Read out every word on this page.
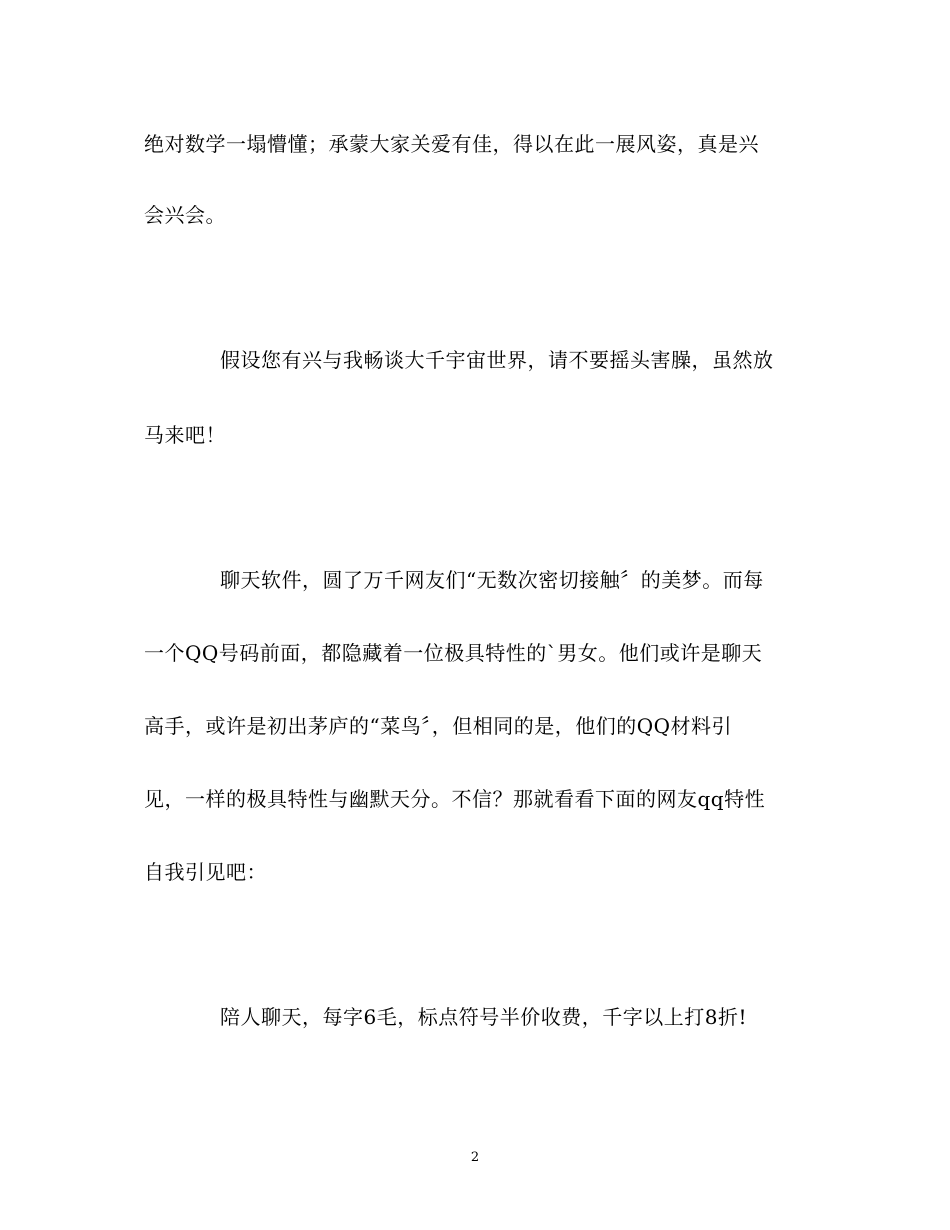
绝对数学一塌懵懂；承蒙大家关爱有佳，得以在此一展风姿，真是兴
会兴会。
假设您有兴与我畅谈大千宇宙世界，请不要摇头害臊，虽然放
马来吧！
聊天软件，圆了万千网友们“无数次密切接触〞的美梦。而每
一个QQ号码前面，都隐藏着一位极具特性的`男女。他们或许是聊天
高手，或许是初出茅庐的“菜鸟〞，但相同的是，他们的QQ材料引
见，一样的极具特性与幽默天分。不信？那就看看下面的网友qq特性
自我引见吧：
陪人聊天，每字6毛，标点符号半价收费，千字以上打8折!
2
